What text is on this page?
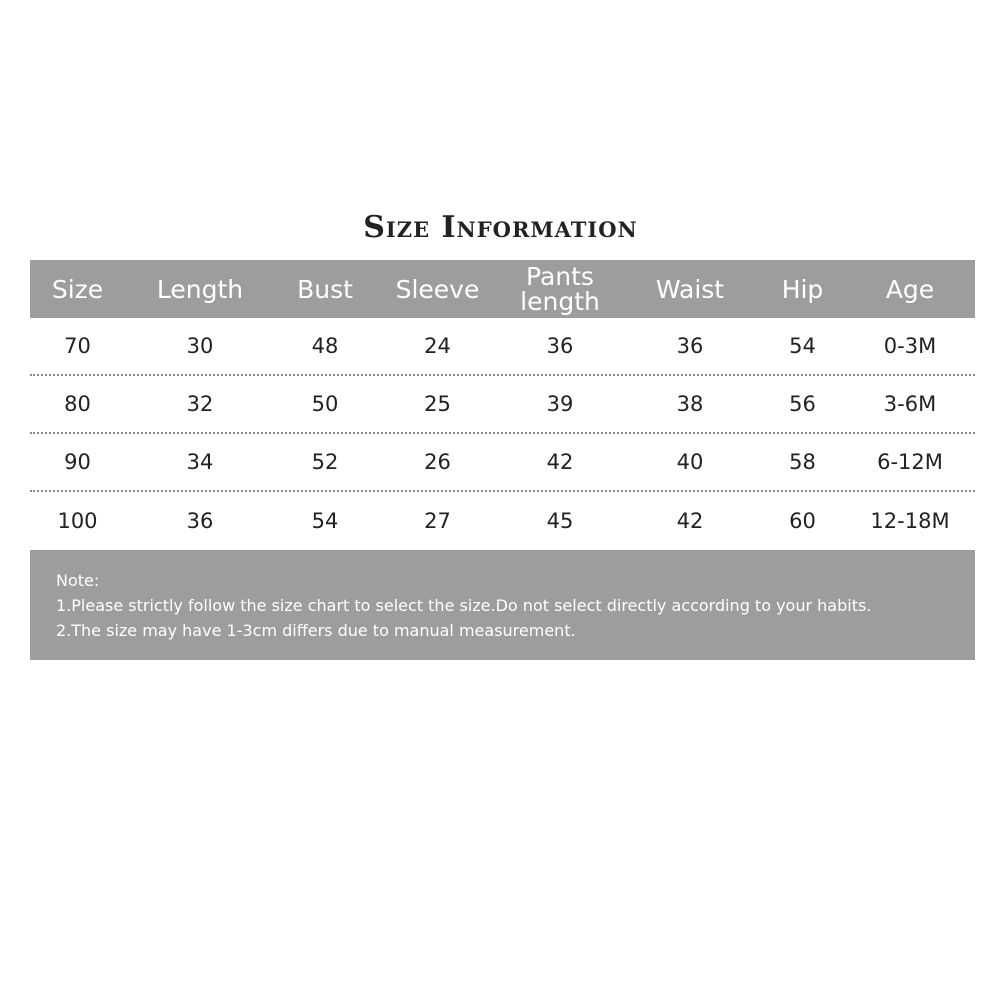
Size Information
Size	Length	Bust	Sleeve	Pants length	Waist	Hip	Age
70	30	48	24	36	36	54	0-3M
80	32	50	25	39	38	56	3-6M
90	34	52	26	42	40	58	6-12M
100	36	54	27	45	42	60	12-18M
Note:
1.Please strictly follow the size chart to select the size.Do not select directly according to your habits.
2.The size may have 1-3cm differs due to manual measurement.
